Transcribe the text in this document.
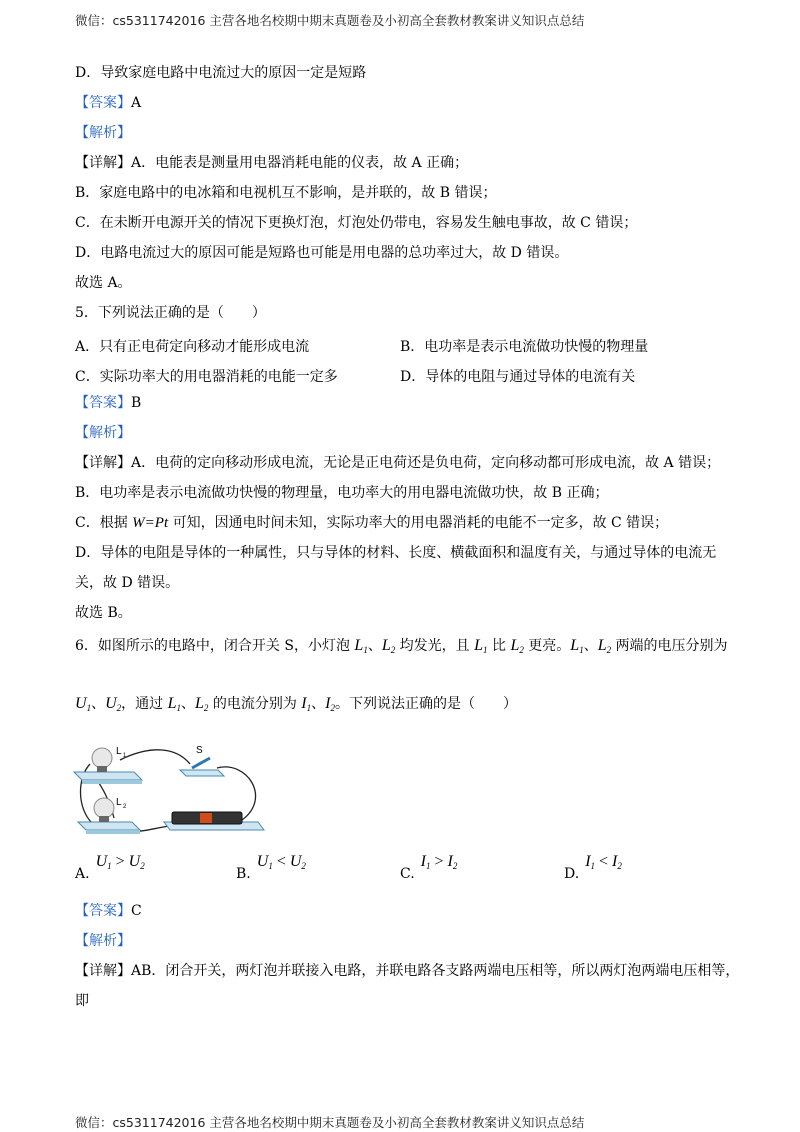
微信：cs5311742016 主营各地名校期中期末真题卷及小初高全套教材教案讲义知识点总结
D．导致家庭电路中电流过大的原因一定是短路
【答案】A
【解析】
【详解】A．电能表是测量用电器消耗电能的仪表，故 A 正确；
B．家庭电路中的电冰箱和电视机互不影响，是并联的，故 B 错误；
C．在未断开电源开关的情况下更换灯泡，灯泡处仍带电，容易发生触电事故，故 C 错误；
D．电路电流过大的原因可能是短路也可能是用电器的总功率过大，故 D 错误。
故选 A。
5．下列说法正确的是（　　）
A．只有正电荷定向移动才能形成电流	B．电功率是表示电流做功快慢的物理量
C．实际功率大的用电器消耗的电能一定多	D．导体的电阻与通过导体的电流有关
【答案】B
【解析】
【详解】A．电荷的定向移动形成电流，无论是正电荷还是负电荷，定向移动都可形成电流，故 A 错误；
B．电功率是表示电流做功快慢的物理量，电功率大的用电器电流做功快，故 B 正确；
C．根据 W=Pt 可知，因通电时间未知，实际功率大的用电器消耗的电能不一定多，故 C 错误；
D．导体的电阻是导体的一种属性，只与导体的材料、长度、横截面积和温度有关，与通过导体的电流无
关，故 D 错误。
故选 B。
6．如图所示的电路中，闭合开关 S，小灯泡 $L_1$、$L_2$ 均发光，且 $L_1$ 比 $L_2$ 更亮。$L_1$、$L_2$ 两端的电压分别为
$U_1$、$U_2$，通过 $L_1$、$L_2$ 的电流分别为 $I_1$、$I_2$。下列说法正确的是（　　）
L 1	S
L 2
$A.U_1 > U_2$	$B.U_1 < U_2$	$C.I_1 > I_2$	$D.I_1 < I_2$
【答案】C
【解析】
【详解】AB．闭合开关，两灯泡并联接入电路，并联电路各支路两端电压相等，所以两灯泡两端电压相等，
即
微信：cs5311742016 主营各地名校期中期末真题卷及小初高全套教材教案讲义知识点总结
